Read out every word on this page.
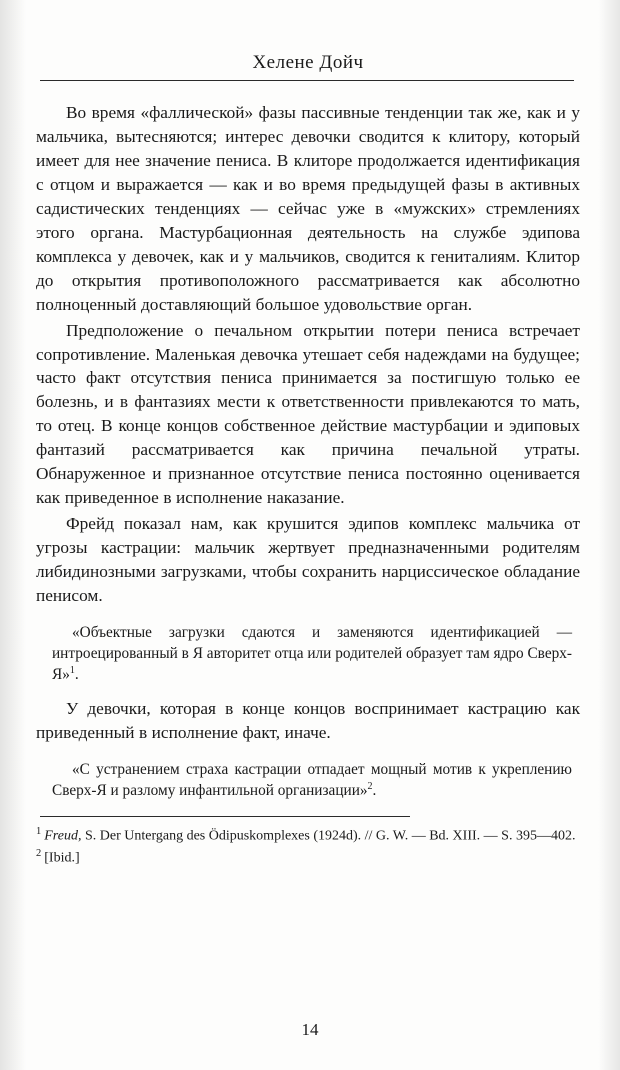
Хелене Дойч

Во время «фаллической» фазы пассивные тенденции так же, как и у мальчика, вытесняются; интерес девочки сводится к клитору, который имеет для нее значение пениса. В клиторе продолжается идентификация с отцом и выражается — как и во время предыдущей фазы в активных садистических тенденциях — сейчас уже в «мужских» стремлениях этого органа. Мастурбационная деятельность на службе эдипова комплекса у девочек, как и у мальчиков, сводится к гениталиям. Клитор до открытия противоположного рассматривается как абсолютно полноценный доставляющий большое удовольствие орган.

Предположение о печальном открытии потери пениса встречает сопротивление. Маленькая девочка утешает себя надеждами на будущее; часто факт отсутствия пениса принимается за постигшую только ее болезнь, и в фантазиях мести к ответственности привлекаются то мать, то отец. В конце концов собственное действие мастурбации и эдиповых фантазий рассматривается как причина печальной утраты. Обнаруженное и признанное отсутствие пениса постоянно оценивается как приведенное в исполнение наказание.

Фрейд показал нам, как крушится эдипов комплекс мальчика от угрозы кастрации: мальчик жертвует предназначенными родителям либидинозными загрузками, чтобы сохранить нарциссическое обладание пенисом.

«Объектные загрузки сдаются и заменяются идентификацией — интроецированный в Я авторитет отца или родителей образует там ядро Сверх-Я»$^1$.

У девочки, которая в конце концов воспринимает кастрацию как приведенный в исполнение факт, иначе.

«С устранением страха кастрации отпадает мощный мотив к укреплению Сверх-Я и разлому инфантильной организации»$^2$.

$^1$ Freud, S. Der Untergang des Ödipuskomplexes (1924d). // G. W. — Bd. XIII. — S. 395—402.

$^2$ [Ibid.]

14
